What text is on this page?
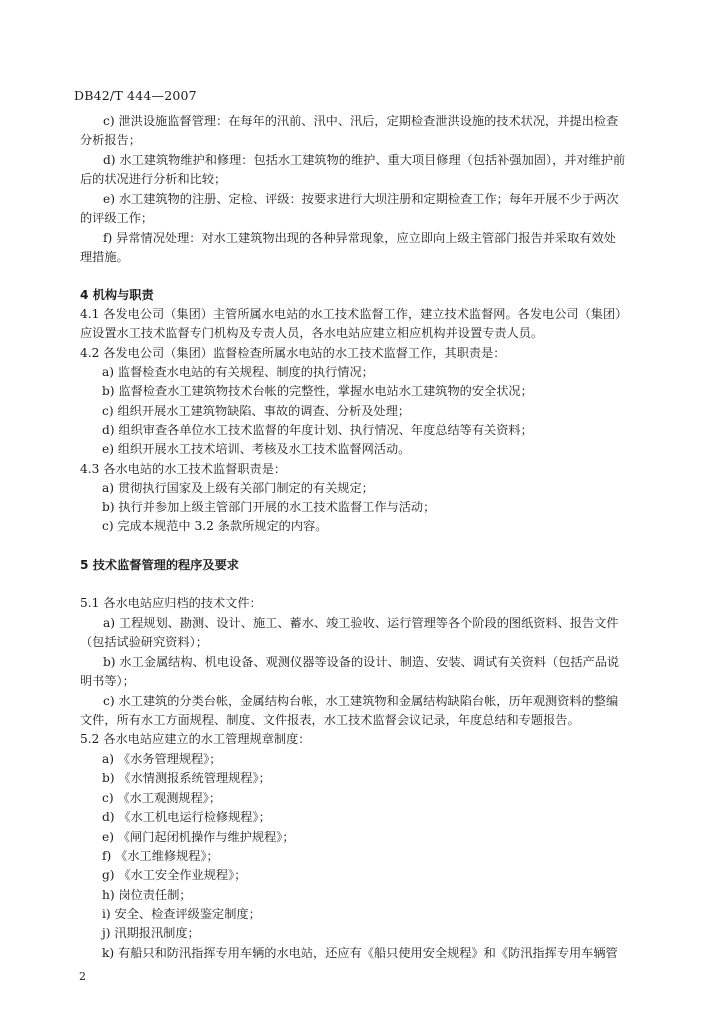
DB42/T 444—2007
c) 泄洪设施监督管理：在每年的汛前、汛中、汛后，定期检查泄洪设施的技术状况，并提出检查
分析报告；
d) 水工建筑物维护和修理：包括水工建筑物的维护、重大项目修理（包括补强加固），并对维护前
后的状况进行分析和比较；
e) 水工建筑物的注册、定检、评级：按要求进行大坝注册和定期检查工作；每年开展不少于两次
的评级工作；
f) 异常情况处理：对水工建筑物出现的各种异常现象，应立即向上级主管部门报告并采取有效处
理措施。
4 机构与职责
4.1 各发电公司（集团）主管所属水电站的水工技术监督工作，建立技术监督网。各发电公司（集团）
应设置水工技术监督专门机构及专责人员，各水电站应建立相应机构并设置专责人员。
4.2 各发电公司（集团）监督检查所属水电站的水工技术监督工作，其职责是：
a) 监督检查水电站的有关规程、制度的执行情况；
b) 监督检查水工建筑物技术台帐的完整性，掌握水电站水工建筑物的安全状况；
c) 组织开展水工建筑物缺陷、事故的调查、分析及处理；
d) 组织审查各单位水工技术监督的年度计划、执行情况、年度总结等有关资料；
e) 组织开展水工技术培训、考核及水工技术监督网活动。
4.3 各水电站的水工技术监督职责是：
a) 贯彻执行国家及上级有关部门制定的有关规定；
b) 执行并参加上级主管部门开展的水工技术监督工作与活动；
c) 完成本规范中 3.2 条款所规定的内容。
5 技术监督管理的程序及要求
5.1 各水电站应归档的技术文件：
a) 工程规划、勘测、设计、施工、蓄水、竣工验收、运行管理等各个阶段的图纸资料、报告文件
（包括试验研究资料）；
b) 水工金属结构、机电设备、观测仪器等设备的设计、制造、安装、调试有关资料（包括产品说
明书等）；
c) 水工建筑的分类台帐，金属结构台帐，水工建筑物和金属结构缺陷台帐，历年观测资料的整编
文件，所有水工方面规程、制度、文件报表，水工技术监督会议记录，年度总结和专题报告。
5.2 各水电站应建立的水工管理规章制度：
a) 《水务管理规程》；
b) 《水情测报系统管理规程》；
c) 《水工观测规程》；
d) 《水工机电运行检修规程》；
e) 《闸门起闭机操作与维护规程》；
f) 《水工维修规程》；
g) 《水工安全作业规程》；
h) 岗位责任制；
i) 安全、检查评级鉴定制度；
j) 汛期报汛制度；
k) 有船只和防汛指挥专用车辆的水电站，还应有《船只使用安全规程》和《防汛指挥专用车辆管
2
